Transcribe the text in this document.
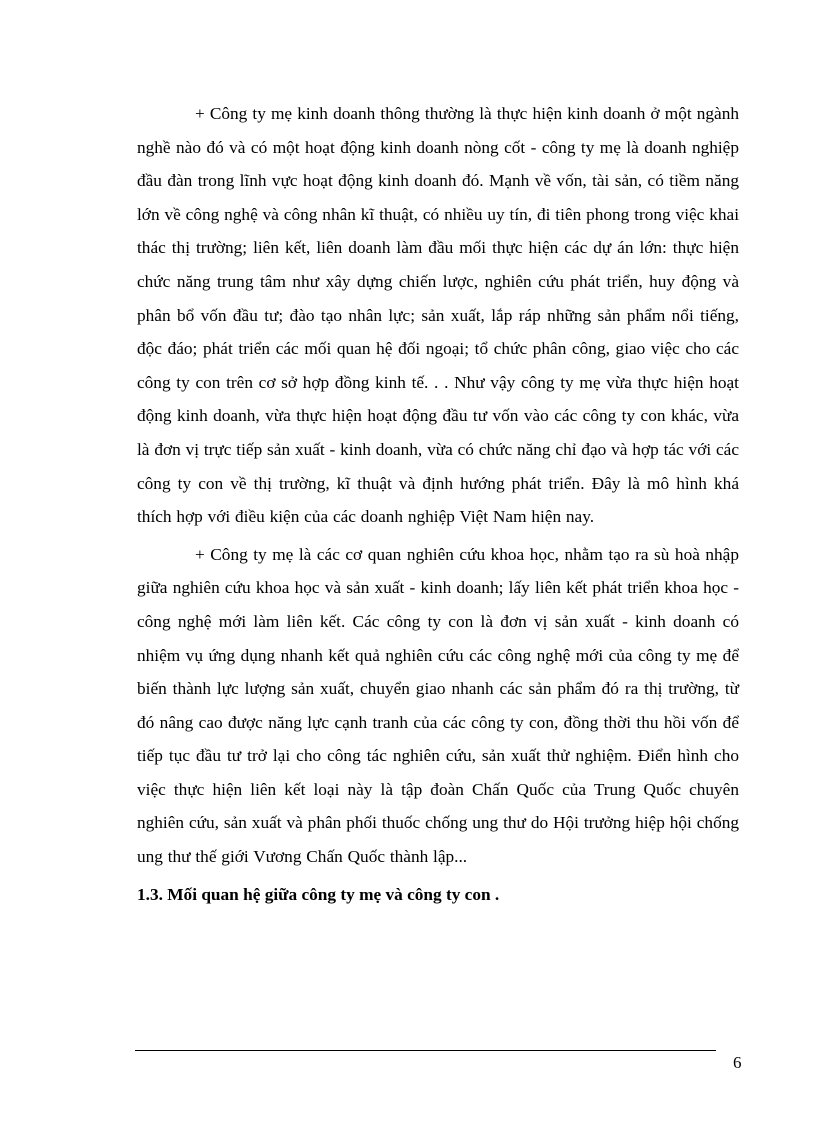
+ Công ty mẹ kinh doanh thông thường là thực hiện kinh doanh ở một ngành nghề nào đó và có một hoạt động kinh doanh nòng cốt - công ty mẹ là doanh nghiệp đầu đàn trong lĩnh vực hoạt động kinh doanh đó. Mạnh về vốn, tài sản, có tiềm năng lớn về công nghệ và công nhân kĩ thuật, có nhiều uy tín, đi tiên phong trong việc khai thác thị trường; liên kết, liên doanh làm đầu mối thực hiện các dự án lớn: thực hiện chức năng trung tâm như xây dựng chiến lược, nghiên cứu phát triển, huy động và phân bổ vốn đầu tư; đào tạo nhân lực; sản xuất, lắp ráp những sản phẩm nổi tiếng, độc đáo; phát triển các mối quan hệ đối ngoại; tổ chức phân công, giao việc cho các công ty con trên cơ sở hợp đồng kinh tế. . . Như vậy công ty mẹ vừa thực hiện hoạt động kinh doanh, vừa thực hiện hoạt động đầu tư vốn vào các công ty con khác, vừa là đơn vị trực tiếp sản xuất - kinh doanh, vừa có chức năng chỉ đạo và hợp tác với các công ty con về thị trường, kĩ thuật và định hướng phát triển. Đây là mô hình khá thích hợp với điều kiện của các doanh nghiệp Việt Nam hiện nay.

+ Công ty mẹ là các cơ quan nghiên cứu khoa học, nhằm tạo ra sù hoà nhập giữa nghiên cứu khoa học và sản xuất - kinh doanh; lấy liên kết phát triển khoa học - công nghệ mới làm liên kết. Các công ty con là đơn vị sản xuất - kinh doanh có nhiệm vụ ứng dụng nhanh kết quả nghiên cứu các công nghệ mới của công ty mẹ để biến thành lực lượng sản xuất, chuyển giao nhanh các sản phẩm đó ra thị trường, từ đó nâng cao được năng lực cạnh tranh của các công ty con, đồng thời thu hồi vốn để tiếp tục đầu tư trở lại cho công tác nghiên cứu, sản xuất thử nghiệm. Điển hình cho việc thực hiện liên kết loại này là tập đoàn Chấn Quốc của Trung Quốc chuyên nghiên cứu, sản xuất và phân phối thuốc chống ung thư do Hội trưởng hiệp hội chống ung thư thế giới Vương Chấn Quốc thành lập...

1.3. Mối quan hệ giữa công ty mẹ và công ty con .

6
